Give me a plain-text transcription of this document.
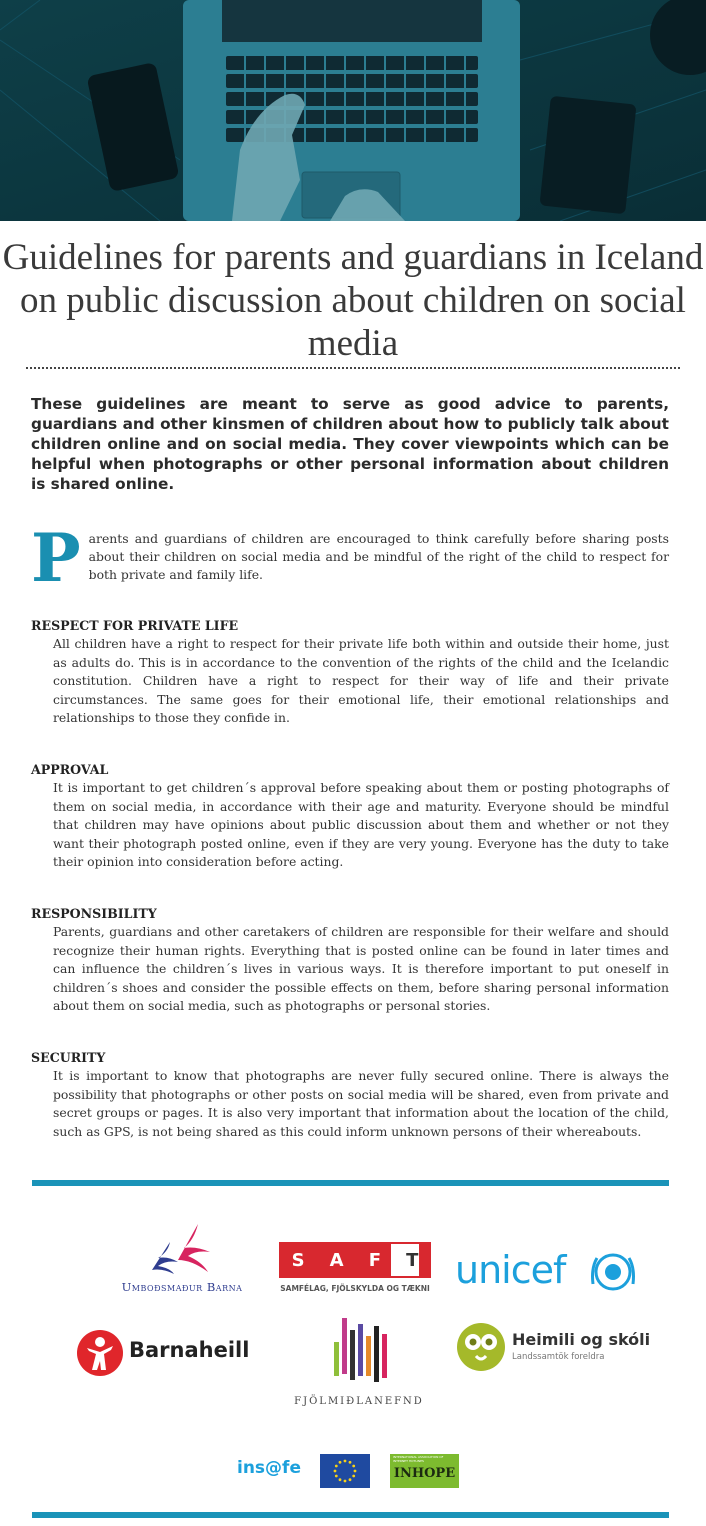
Guidelines for parents and guardians in Iceland on public discussion about children on social media

These guidelines are meant to serve as good advice to parents, guardians and other kinsmen of children about how to publicly talk about children online and on social media. They cover viewpoints which can be helpful when photographs or other personal information about children is shared online.

Parents and guardians of children are encouraged to think carefully before sharing posts about their children on social media and be mindful of the right of the child to respect for both private and family life.
RESPECT FOR PRIVATE LIFE

All children have a right to respect for their private life both within and outside their home, just as adults do. This is in accordance to the convention of the rights of the child and the Icelandic constitution. Children have a right to respect for their way of life and their private circumstances. The same goes for their emotional life, their emotional relationships and relationships to those they confide in.

APPROVAL

It is important to get children´s approval before speaking about them or posting photographs of them on social media, in accordance with their age and maturity. Everyone should be mindful that children may have opinions about public discussion about them and whether or not they want their photograph posted online, even if they are very young. Everyone has the duty to take their opinion into consideration before acting.

RESPONSIBILITY

Parents, guardians and other caretakers of children are responsible for their welfare and should recognize their human rights. Everything that is posted online can be found in later times and can influence the children´s lives in various ways. It is therefore important to put oneself in children´s shoes and consider the possible effects on them, before sharing personal information about them on social media, such as photographs or personal stories.

SECURITY

It is important to know that photographs are never fully secured online. There is always the possibility that photographs or other posts on social media will be shared, even from private and secret groups or pages. It is also very important that information about the location of the child, such as GPS, is not being shared as this could inform unknown persons of their whereabouts.

Umboðsmaður Barna
S A F T
SAMFÉLAG, FJÖLSKYLDA OG TÆKNI unicef
Barnaheill
FJÖLMIÐLANEFND
Heimili og skóli
Landssamtök foreldra
ins@fe
INTERNATIONAL ASSOCIATION OF INTERNET HOTLINES
INHOPE
